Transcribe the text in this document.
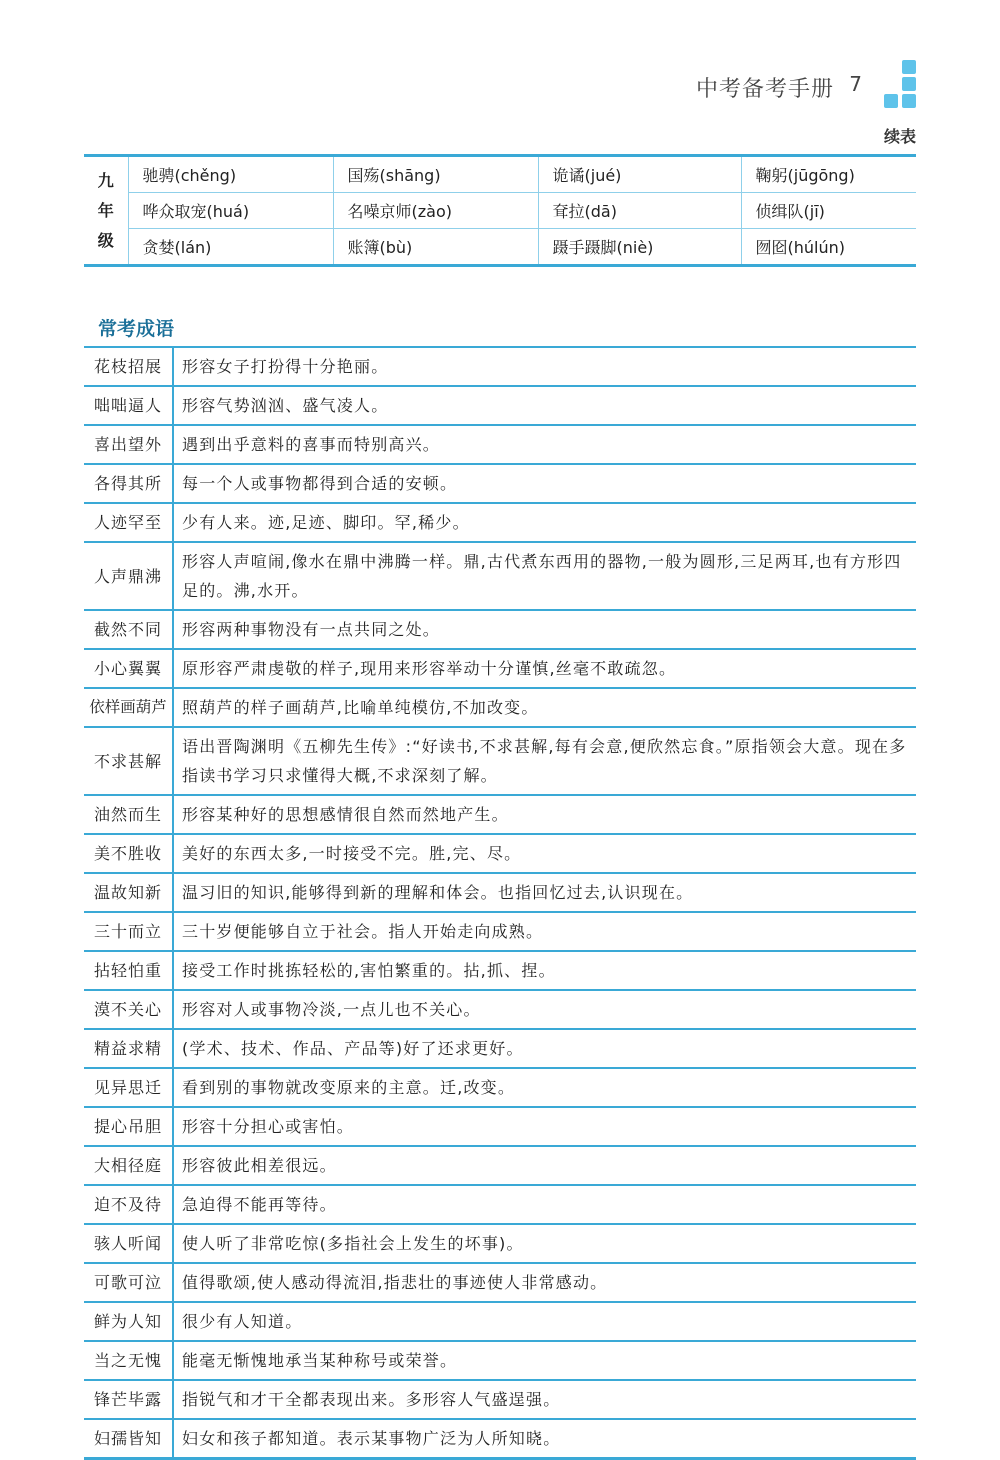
中考备考手册 7
续表
九
年
级	驰骋(chěng)	国殇(shāng)	诡谲(jué)	鞠躬(jūgōng)
	哗众取宠(huá)	名噪京师(zào)	耷拉(dā)	侦缉队(jī)
	贪婪(lán)	账簿(bù)	蹑手蹑脚(niè)	囫囵(húlún)
常考成语
花枝招展	形容女子打扮得十分艳丽。
咄咄逼人	形容气势汹汹、盛气凌人。
喜出望外	遇到出乎意料的喜事而特别高兴。
各得其所	每一个人或事物都得到合适的安顿。
人迹罕至	少有人来。迹,足迹、脚印。罕,稀少。
人声鼎沸	形容人声喧闹,像水在鼎中沸腾一样。鼎,古代煮东西用的器物,一般为圆形,三足两耳,也有方形四足的。沸,水开。
截然不同	形容两种事物没有一点共同之处。
小心翼翼	原形容严肃虔敬的样子,现用来形容举动十分谨慎,丝毫不敢疏忽。
依样画葫芦	照葫芦的样子画葫芦,比喻单纯模仿,不加改变。
不求甚解	语出晋陶渊明《五柳先生传》:“好读书,不求甚解,每有会意,便欣然忘食。”原指领会大意。现在多指读书学习只求懂得大概,不求深刻了解。
油然而生	形容某种好的思想感情很自然而然地产生。
美不胜收	美好的东西太多,一时接受不完。胜,完、尽。
温故知新	温习旧的知识,能够得到新的理解和体会。也指回忆过去,认识现在。
三十而立	三十岁便能够自立于社会。指人开始走向成熟。
拈轻怕重	接受工作时挑拣轻松的,害怕繁重的。拈,抓、捏。
漠不关心	形容对人或事物冷淡,一点儿也不关心。
精益求精	(学术、技术、作品、产品等)好了还求更好。
见异思迁	看到别的事物就改变原来的主意。迁,改变。
提心吊胆	形容十分担心或害怕。
大相径庭	形容彼此相差很远。
迫不及待	急迫得不能再等待。
骇人听闻	使人听了非常吃惊(多指社会上发生的坏事)。
可歌可泣	值得歌颂,使人感动得流泪,指悲壮的事迹使人非常感动。
鲜为人知	很少有人知道。
当之无愧	能毫无惭愧地承当某种称号或荣誉。
锋芒毕露	指锐气和才干全都表现出来。多形容人气盛逞强。
妇孺皆知	妇女和孩子都知道。表示某事物广泛为人所知晓。
